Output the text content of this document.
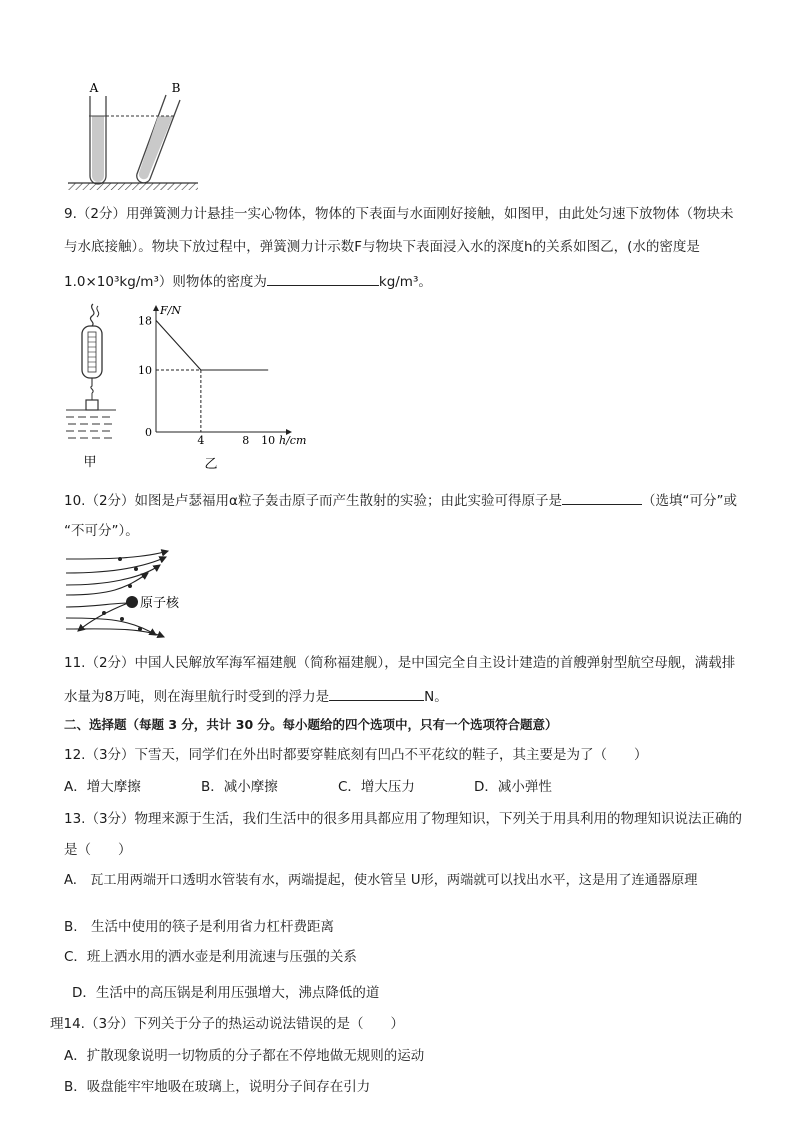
A	B
9.（2分）用弹簧测力计悬挂一实心物体，物体的下表面与水面刚好接触，如图甲，由此处匀速下放物体（物块未
与水底接触）。物块下放过程中，弹簧测力计示数F与物块下表面浸入水的深度h的关系如图乙，(水的密度是
1.0×10³kg/m³）则物体的密度为	kg/m³。
甲
F/N
h/cm
0
4	8 10
18
10
乙
10.（2分）如图是卢瑟福用α粒子轰击原子而产生散射的实验；由此实验可得原子是	（选填“可分”或
“不可分”）。
原子核
11.（2分）中国人民解放军海军福建舰（简称福建舰），是中国完全自主设计建造的首艘弹射型航空母舰，满载排
水量为8万吨，则在海里航行时受到的浮力是	N。
二、选择题（每题 3 分，共计 30 分。每小题给的四个选项中，只有一个选项符合题意）
12.（3分）下雪天，同学们在外出时都要穿鞋底刻有凹凸不平花纹的鞋子，其主要是为了（　　）
A．增大摩擦	B．减小摩擦	C．增大压力	D．减小弹性
13.（3分）物理来源于生活，我们生活中的很多用具都应用了物理知识，下列关于用具利用的物理知识说法正确的
是（　　）
A.　瓦工用两端开口透明水管装有水，两端提起，使水管呈 U形，两端就可以找出水平，这是用了连通器原理
B.　生活中使用的筷子是利用省力杠杆费距离
C．班上洒水用的洒水壶是利用流速与压强的关系
D．生活中的高压锅是利用压强增大，沸点降低的道
理14.（3分）下列关于分子的热运动说法错误的是（　　）
A．扩散现象说明一切物质的分子都在不停地做无规则的运动
B．吸盘能牢牢地吸在玻璃上，说明分子间存在引力
